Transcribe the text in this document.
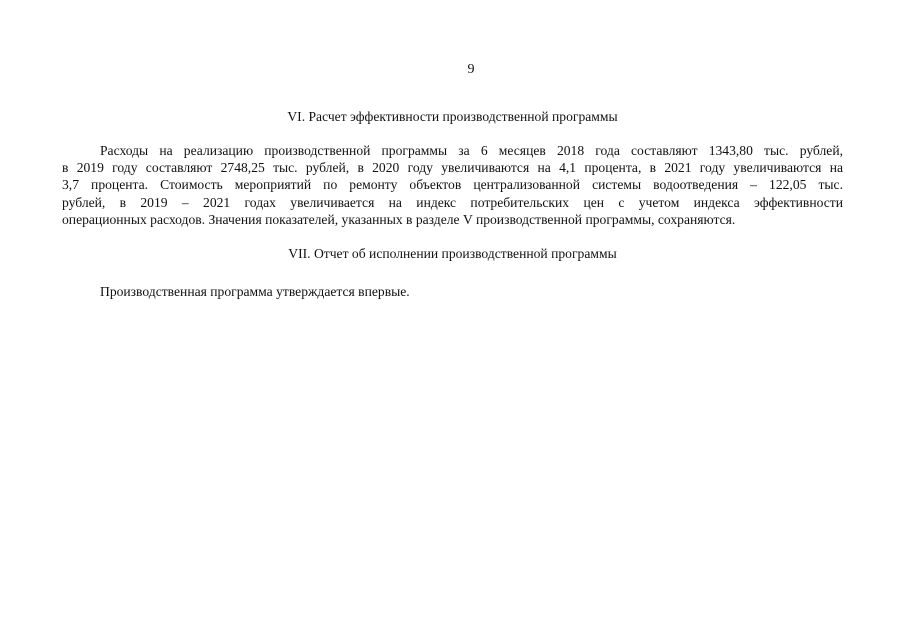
9
VI. Расчет эффективности производственной программы
Расходы на реализацию производственной программы за 6 месяцев 2018 года составляют 1343,80 тыс. рублей,
в 2019 году составляют 2748,25 тыс. рублей, в 2020 году увеличиваются на 4,1 процента, в 2021 году увеличиваются на
3,7 процента. Стоимость мероприятий по ремонту объектов централизованной системы водоотведения – 122,05 тыс.
рублей, в 2019 – 2021 годах увеличивается на индекс потребительских цен с учетом индекса эффективности
операционных расходов. Значения показателей, указанных в разделе V производственной программы, сохраняются.
VII. Отчет об исполнении производственной программы
Производственная программа утверждается впервые.
